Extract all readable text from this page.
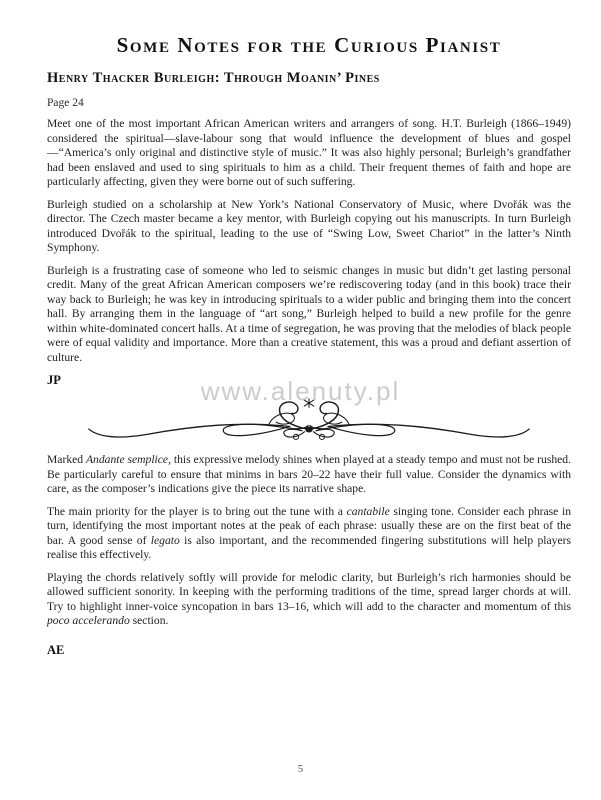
Some Notes for the Curious Pianist
Henry Thacker Burleigh: Through Moanin’ Pines
Page 24

Meet one of the most important African American writers and arrangers of song. H.T. Burleigh (1866–1949) considered the spiritual—slave-labour song that would influence the development of blues and gospel—“America’s only original and distinctive style of music.” It was also highly personal; Burleigh’s grandfather had been enslaved and used to sing spirituals to him as a child. Their frequent themes of faith and hope are particularly affecting, given they were borne out of such suffering.

Burleigh studied on a scholarship at New York’s National Conservatory of Music, where Dvořák was the director. The Czech master became a key mentor, with Burleigh copying out his manuscripts. In turn Burleigh introduced Dvořák to the spiritual, leading to the use of “Swing Low, Sweet Chariot” in the latter’s Ninth Symphony.

Burleigh is a frustrating case of someone who led to seismic changes in music but didn’t get lasting personal credit. Many of the great African American composers we’re rediscovering today (and in this book) trace their way back to Burleigh; he was key in introducing spirituals to a wider public and bringing them into the concert hall. By arranging them in the language of “art song,” Burleigh helped to build a new profile for the genre within white-dominated concert halls. At a time of segregation, he was proving that the melodies of black people were of equal validity and importance. More than a creative statement, this was a proud and defiant assertion of culture.

JP

Marked Andante semplice, this expressive melody shines when played at a steady tempo and must not be rushed. Be particularly careful to ensure that minims in bars 20–22 have their full value. Consider the dynamics with care, as the composer’s indications give the piece its narrative shape.

The main priority for the player is to bring out the tune with a cantabile singing tone. Consider each phrase in turn, identifying the most important notes at the peak of each phrase: usually these are on the first beat of the bar. A good sense of legato is also important, and the recommended fingering substitutions will help players realise this effectively.

Playing the chords relatively softly will provide for melodic clarity, but Burleigh’s rich harmonies should be allowed sufficient sonority. In keeping with the performing traditions of the time, spread larger chords at will. Try to highlight inner-voice syncopation in bars 13–16, which will add to the character and momentum of this poco accelerando section.

AE
www.alenuty.pl
5
